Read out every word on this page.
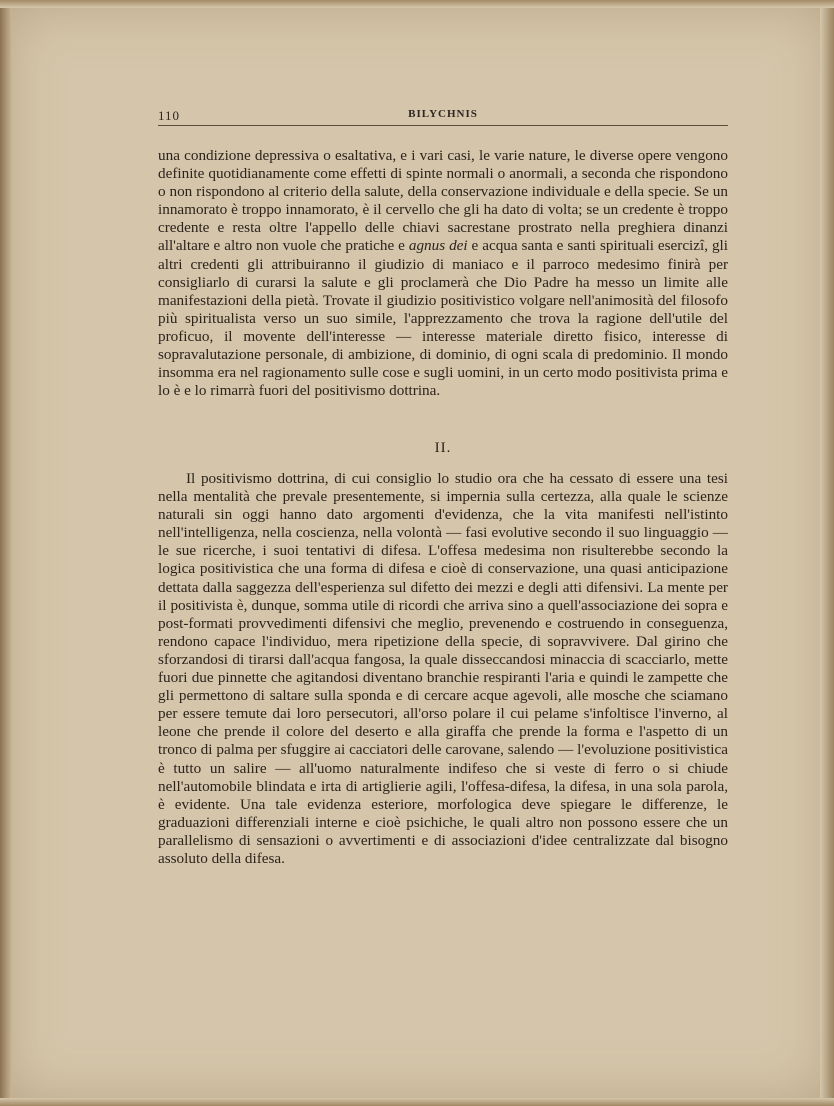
110	BILYCHNIS

una condizione depressiva o esaltativa, e i vari casi, le varie nature, le diverse opere vengono definite quotidianamente come effetti di spinte normali o anormali, a seconda che rispondono o non rispondono al criterio della salute, della conservazione individuale e della specie. Se un innamorato è troppo innamorato, è il cervello che gli ha dato di volta; se un credente è troppo credente e resta oltre l'appello delle chiavi sacrestane prostrato nella preghiera dinanzi all'altare e altro non vuole che pratiche e agnus dei e acqua santa e santi spirituali esercizî, gli altri credenti gli attribuiranno il giudizio di maniaco e il parroco medesimo finirà per consigliarlo di curarsi la salute e gli proclamerà che Dio Padre ha messo un limite alle manifestazioni della pietà. Trovate il giudizio positivistico volgare nell'animosità del filosofo più spiritualista verso un suo simile, l'apprezzamento che trova la ragione dell'utile del proficuo, il movente dell'interesse — interesse materiale diretto fisico, interesse di sopravalutazione personale, di ambizione, di dominio, di ogni scala di predominio. Il mondo insomma era nel ragionamento sulle cose e sugli uomini, in un certo modo positivista prima e lo è e lo rimarrà fuori del positivismo dottrina.

II.

Il positivismo dottrina, di cui consiglio lo studio ora che ha cessato di essere una tesi nella mentalità che prevale presentemente, si impernia sulla certezza, alla quale le scienze naturali sin oggi hanno dato argomenti d'evidenza, che la vita manifesti nell'istinto nell'intelligenza, nella coscienza, nella volontà — fasi evolutive secondo il suo linguaggio — le sue ricerche, i suoi tentativi di difesa. L'offesa medesima non risulterebbe secondo la logica positivistica che una forma di difesa e cioè di conservazione, una quasi anticipazione dettata dalla saggezza dell'esperienza sul difetto dei mezzi e degli atti difensivi. La mente per il positivista è, dunque, somma utile di ricordi che arriva sino a quell'associazione dei sopra e post-formati provvedimenti difensivi che meglio, prevenendo e costruendo in conseguenza, rendono capace l'individuo, mera ripetizione della specie, di sopravvivere. Dal girino che sforzandosi di tirarsi dall'acqua fangosa, la quale disseccandosi minaccia di scacciarlo, mette fuori due pinnette che agitandosi diventano branchie respiranti l'aria e quindi le zampette che gli permettono di saltare sulla sponda e di cercare acque agevoli, alle mosche che sciamano per essere temute dai loro persecutori, all'orso polare il cui pelame s'infoltisce l'inverno, al leone che prende il colore del deserto e alla giraffa che prende la forma e l'aspetto di un tronco di palma per sfuggire ai cacciatori delle carovane, salendo — l'evoluzione positivistica è tutto un salire — all'uomo naturalmente indifeso che si veste di ferro o si chiude nell'automobile blindata e irta di artiglierie agili, l'offesa-difesa, la difesa, in una sola parola, è evidente. Una tale evidenza esteriore, morfologica deve spiegare le differenze, le graduazioni differenziali interne e cioè psichiche, le quali altro non possono essere che un parallelismo di sensazioni o avvertimenti e di associazioni d'idee centralizzate dal bisogno assoluto della difesa.
